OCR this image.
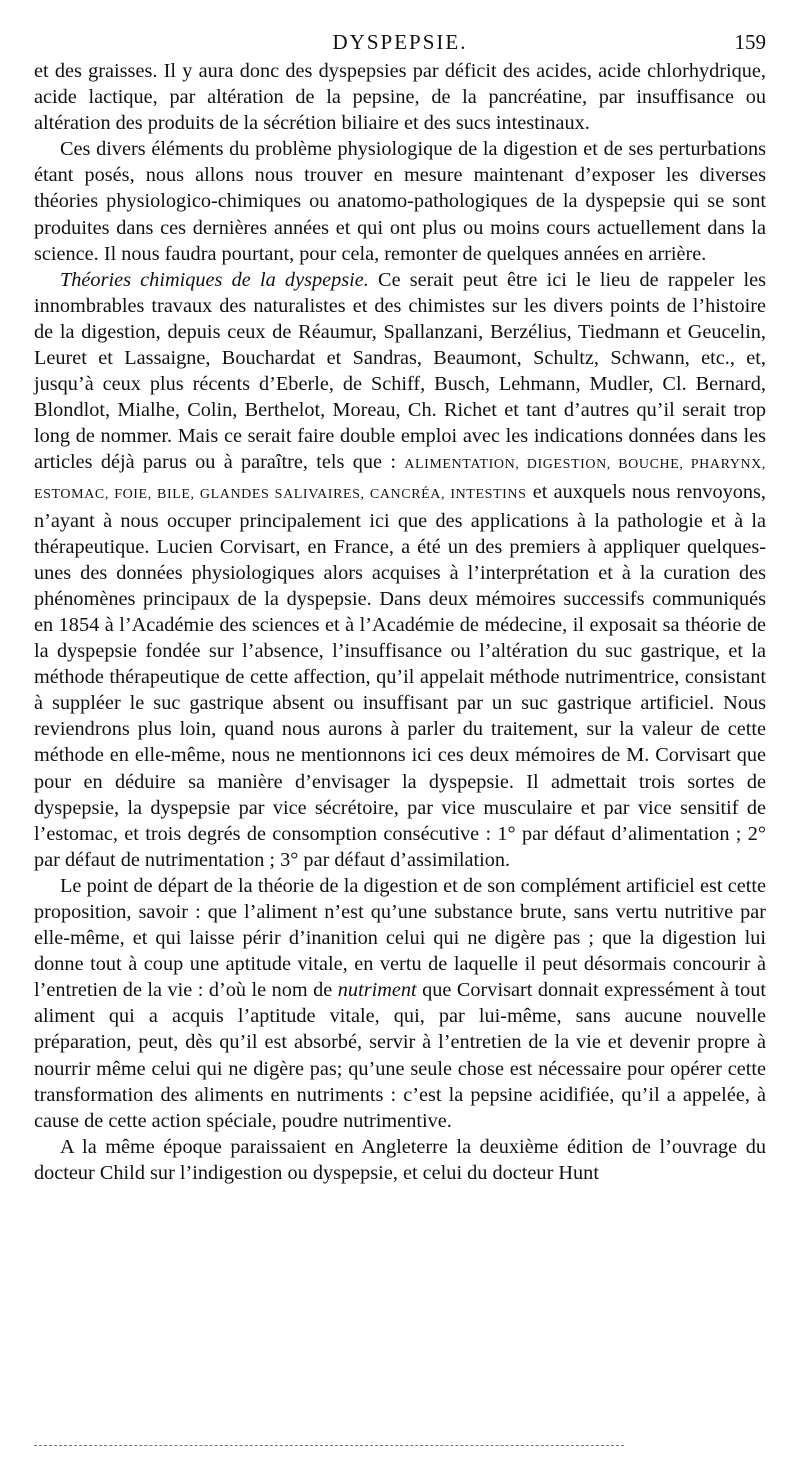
DYSPEPSIE.	159

et des graisses. Il y aura donc des dyspepsies par déficit des acides, acide chlorhydrique, acide lactique, par altération de la pepsine, de la pancréatine, par insuffisance ou altération des produits de la sécrétion biliaire et des sucs intestinaux.

Ces divers éléments du problème physiologique de la digestion et de ses perturbations étant posés, nous allons nous trouver en mesure maintenant d’exposer les diverses théories physiologico-chimiques ou anatomo-pathologiques de la dyspepsie qui se sont produites dans ces dernières années et qui ont plus ou moins cours actuellement dans la science. Il nous faudra pourtant, pour cela, remonter de quelques années en arrière.

Théories chimiques de la dyspepsie. Ce serait peut être ici le lieu de rappeler les innombrables travaux des naturalistes et des chimistes sur les divers points de l’histoire de la digestion, depuis ceux de Réaumur, Spallanzani, Berzélius, Tiedmann et Geucelin, Leuret et Lassaigne, Bouchardat et Sandras, Beaumont, Schultz, Schwann, etc., et, jusqu’à ceux plus récents d’Eberle, de Schiff, Busch, Lehmann, Mudler, Cl. Bernard, Blondlot, Mialhe, Colin, Berthelot, Moreau, Ch. Richet et tant d’autres qu’il serait trop long de nommer. Mais ce serait faire double emploi avec les indications données dans les articles déjà parus ou à paraître, tels que : ALIMENTATION, DIGESTION, BOUCHE, PHARYNX, ESTOMAC, FOIE, BILE, GLANDES SALIVAIRES, CANCRÉA, INTESTINS et auxquels nous renvoyons, n’ayant à nous occuper principalement ici que des applications à la pathologie et à la thérapeutique. Lucien Corvisart, en France, a été un des premiers à appliquer quelques-unes des données physiologiques alors acquises à l’interprétation et à la curation des phénomènes principaux de la dyspepsie. Dans deux mémoires successifs communiqués en 1854 à l’Académie des sciences et à l’Académie de médecine, il exposait sa théorie de la dyspepsie fondée sur l’absence, l’insuffisance ou l’altération du suc gastrique, et la méthode thérapeutique de cette affection, qu’il appelait méthode nutrimentrice, consistant à suppléer le suc gastrique absent ou insuffisant par un suc gastrique artificiel. Nous reviendrons plus loin, quand nous aurons à parler du traitement, sur la valeur de cette méthode en elle-même, nous ne mentionnons ici ces deux mémoires de M. Corvisart que pour en déduire sa manière d’envisager la dyspepsie. Il admettait trois sortes de dyspepsie, la dyspepsie par vice sécrétoire, par vice musculaire et par vice sensitif de l’estomac, et trois degrés de consomption consécutive : 1° par défaut d’alimentation ; 2° par défaut de nutrimentation ; 3° par défaut d’assimilation.

Le point de départ de la théorie de la digestion et de son complément artificiel est cette proposition, savoir : que l’aliment n’est qu’une substance brute, sans vertu nutritive par elle-même, et qui laisse périr d’inanition celui qui ne digère pas ; que la digestion lui donne tout à coup une aptitude vitale, en vertu de laquelle il peut désormais concourir à l’entretien de la vie : d’où le nom de nutriment que Corvisart donnait expressément à tout aliment qui a acquis l’aptitude vitale, qui, par lui-même, sans aucune nouvelle préparation, peut, dès qu’il est absorbé, servir à l’entretien de la vie et devenir propre à nourrir même celui qui ne digère pas; qu’une seule chose est nécessaire pour opérer cette transformation des aliments en nutriments : c’est la pepsine acidifiée, qu’il a appelée, à cause de cette action spéciale, poudre nutrimentive.

A la même époque paraissaient en Angleterre la deuxième édition de l’ouvrage du docteur Child sur l’indigestion ou dyspepsie, et celui du docteur Hunt
